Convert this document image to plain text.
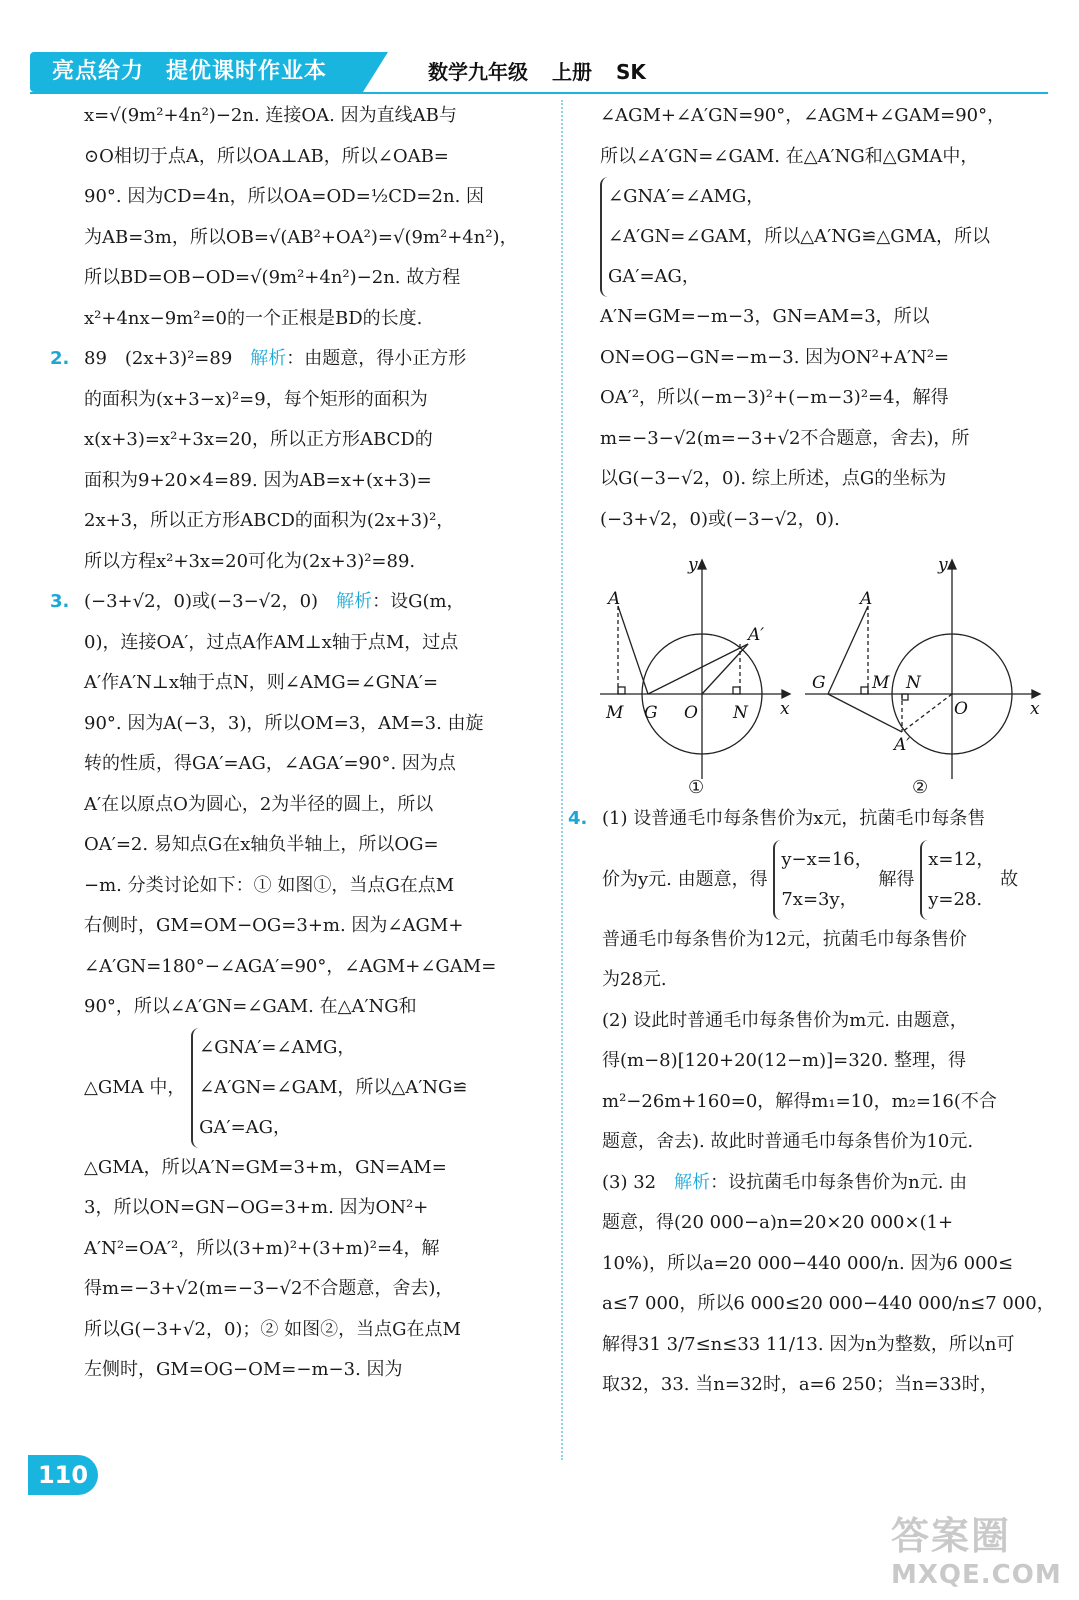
亮点给力 提优课时作业本	数学九年级 上册 SK
x=√(9m²+4n²)−2n. 连接OA. 因为直线AB与
⊙O相切于点A，所以OA⊥AB，所以∠OAB=
90°. 因为CD=4n，所以OA=OD=½CD=2n. 因
为AB=3m，所以OB=√(AB²+OA²)=√(9m²+4n²)，
所以BD=OB−OD=√(9m²+4n²)−2n. 故方程
x²+4nx−9m²=0的一个正根是BD的长度.
2. 89　(2x+3)²=89　 解析：由题意，得小正方形
的面积为(x+3−x)²=9，每个矩形的面积为
x(x+3)=x²+3x=20，所以正方形ABCD的
面积为9+20×4=89. 因为AB=x+(x+3)=
2x+3，所以正方形ABCD的面积为(2x+3)²，
所以方程x²+3x=20可化为(2x+3)²=89.
3. (−3+√2，0)或(−3−√2，0)　 解析：设G(m，
0)，连接OA′，过点A作AM⊥x轴于点M，过点
A′作A′N⊥x轴于点N，则∠AMG=∠GNA′=
90°. 因为A(−3，3)，所以OM=3，AM=3. 由旋
转的性质，得GA′=AG，∠AGA′=90°. 因为点
A′在以原点O为圆心，2为半径的圆上，所以
OA′=2. 易知点G在x轴负半轴上，所以OG=
−m. 分类讨论如下：① 如图①，当点G在点M
右侧时，GM=OM−OG=3+m. 因为∠AGM+
∠A′GN=180°−∠AGA′=90°，∠AGM+∠GAM=
90°，所以∠A′GN=∠GAM. 在△A′NG和
△GMA 中，
∠GNA′=∠AMG，
∠A′GN=∠GAM，所以△A′NG≌
GA′=AG，
△GMA，所以A′N=GM=3+m，GN=AM=
3，所以ON=GN−OG=3+m. 因为ON²+
A′N²=OA′²，所以(3+m)²+(3+m)²=4，解
得m=−3+√2(m=−3−√2不合题意，舍去)，
所以G(−3+√2，0)；② 如图②，当点G在点M
左侧时，GM=OG−OM=−m−3. 因为
∠AGM+∠A′GN=90°，∠AGM+∠GAM=90°，
所以∠A′GN=∠GAM. 在△A′NG和△GMA中，
∠GNA′=∠AMG，
∠A′GN=∠GAM，所以△A′NG≌△GMA，所以
GA′=AG，
A′N=GM=−m−3，GN=AM=3，所以
ON=OG−GN=−m−3. 因为ON²+A′N²=
OA′²，所以(−m−3)²+(−m−3)²=4，解得
m=−3−√2(m=−3+√2不合题意，舍去)，所
以G(−3−√2，0). 综上所述，点G的坐标为
(−3+√2，0)或(−3−√2，0).
A
A′
M G O N x
y
A
A′
M
G
O
N
x
y
①	②
4. (1) 设普通毛巾每条售价为x元，抗菌毛巾每条售
价为y元. 由题意，得
y−x=16，
7x=3y，
解得
x=12，
y=28.
故
普通毛巾每条售价为12元，抗菌毛巾每条售价
为28元.
(2) 设此时普通毛巾每条售价为m元. 由题意，
得(m−8)[120+20(12−m)]=320. 整理，得
m²−26m+160=0，解得m₁=10，m₂=16(不合
题意，舍去). 故此时普通毛巾每条售价为10元.
(3) 32　 解析：设抗菌毛巾每条售价为n元. 由
题意，得(20 000−a)n=20×20 000×(1+
10%)，所以a=20 000−440 000/n. 因为6 000≤
a≤7 000，所以6 000≤20 000−440 000/n≤7 000，
解得31 3/7≤n≤33 11/13. 因为n为整数，所以n可
取32，33. 当n=32时，a=6 250；当n=33时，
110
答案圈
MXQE.COM
